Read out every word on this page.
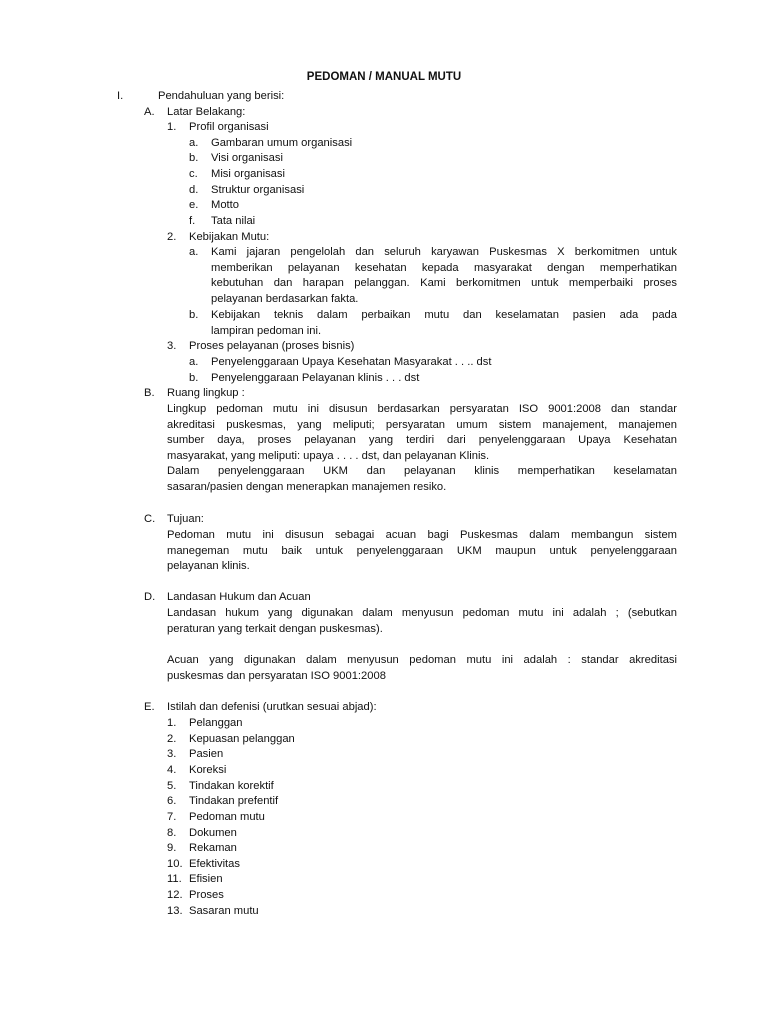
PEDOMAN / MANUAL MUTU
I.	Pendahuluan yang berisi:
A. Latar Belakang:
1. Profil organisasi
a. Gambaran umum organisasi
b. Visi organisasi
c. Misi organisasi
d. Struktur organisasi
e. Motto
f. Tata nilai
2. Kebijakan Mutu:
a. Kami jajaran pengelolah dan seluruh karyawan Puskesmas X berkomitmen untuk
memberikan pelayanan kesehatan kepada masyarakat dengan memperhatikan
kebutuhan dan harapan pelanggan. Kami berkomitmen untuk memperbaiki proses
pelayanan berdasarkan fakta.
b. Kebijakan teknis dalam perbaikan mutu dan keselamatan pasien ada pada
lampiran pedoman ini.
3. Proses pelayanan (proses bisnis)
a. Penyelenggaraan Upaya Kesehatan Masyarakat . . .. dst
b. Penyelenggaraan Pelayanan klinis . . . dst
B. Ruang lingkup :
Lingkup pedoman mutu ini disusun berdasarkan persyaratan ISO 9001:2008 dan standar
akreditasi puskesmas, yang meliputi; persyaratan umum sistem manajement, manajemen
sumber daya, proses pelayanan yang terdiri dari penyelenggaraan Upaya Kesehatan
masyarakat, yang meliputi: upaya . . . . dst, dan pelayanan Klinis.
Dalam penyelenggaraan UKM dan pelayanan klinis memperhatikan keselamatan
sasaran/pasien dengan menerapkan manajemen resiko.
C. Tujuan:
Pedoman mutu ini disusun sebagai acuan bagi Puskesmas dalam membangun sistem
manegeman mutu baik untuk penyelenggaraan UKM maupun untuk penyelenggaraan
pelayanan klinis.
D. Landasan Hukum dan Acuan
Landasan hukum yang digunakan dalam menyusun pedoman mutu ini adalah ; (sebutkan
peraturan yang terkait dengan puskesmas).
Acuan yang digunakan dalam menyusun pedoman mutu ini adalah : standar akreditasi
puskesmas dan persyaratan ISO 9001:2008
E. Istilah dan defenisi (urutkan sesuai abjad):
1. Pelanggan
2. Kepuasan pelanggan
3. Pasien
4. Koreksi
5. Tindakan korektif
6. Tindakan prefentif
7. Pedoman mutu
8. Dokumen
9. Rekaman
10. Efektivitas
11. Efisien
12. Proses
13. Sasaran mutu
